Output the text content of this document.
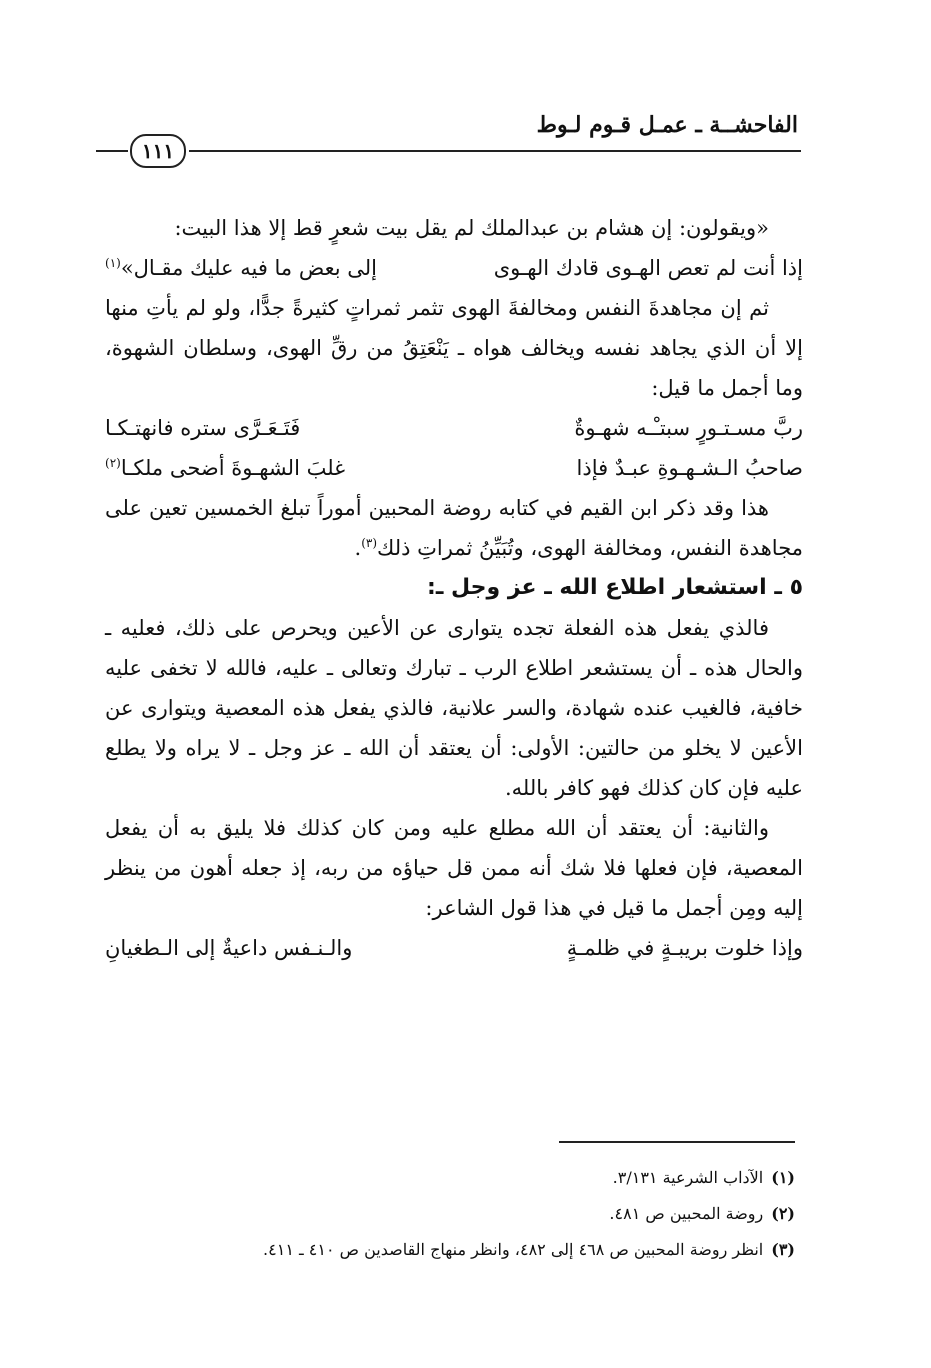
الفاحشــة ـ عمـل قـوم لـوط
١١١

«ويقولون: إن هشام بن عبدالملك لم يقل بيت شعرٍ قط إلا هذا البيت:

إذا أنت لم تعص الهـوى قادك الهـوى
إلى بعض ما فيه عليك مقـال»$^{(١)}$

ثم إن مجاهدةَ النفس ومخالفةَ الهوى تثمر ثمراتٍ كثيرةً جدًّا، ولو لم يأتِ منها إلا أن الذي يجاهد نفسه ويخالف هواه ـ يَنْعَتِقُ من رقِّ الهوى، وسلطان الشهوة، وما أجمل ما قيل:

ربَّ مسـتـورٍ سبتـْـه شهـوةٌ
فَتَـعَـرَّى ستره فانهتـكـا
صاحبُ الـشـهـوةِ عبـدٌ فإذا
غلبَ الشهـوةَ أضحى ملكـا$^{(٢)}$

هذا وقد ذكر ابن القيم في كتابه روضة المحبين أموراً تبلغ الخمسين تعين على مجاهدة النفس، ومخالفة الهوى، وتُبَيِّنُ ثمراتِ ذلك$^{(٣)}$.

٥ ـ استشعار اطلاع الله ـ عز وجل ـ:

فالذي يفعل هذه الفعلة تجده يتوارى عن الأعين ويحرص على ذلك، فعليه ـ والحال هذه ـ أن يستشعر اطلاع الرب ـ تبارك وتعالى ـ عليه، فالله لا تخفى عليه خافية، فالغيب عنده شهادة، والسر علانية، فالذي يفعل هذه المعصية ويتوارى عن الأعين لا يخلو من حالتين: الأولى: أن يعتقد أن الله ـ عز وجل ـ لا يراه ولا يطلع عليه فإن كان كذلك فهو كافر بالله.

والثانية: أن يعتقد أن الله مطلع عليه ومن كان كذلك فلا يليق به أن يفعل المعصية، فإن فعلها فلا شك أنه ممن قل حياؤه من ربه، إذ جعله أهون من ينظر إليه ومِن أجمل ما قيل في هذا قول الشاعر:

وإذا خلوت بريبـةٍ في ظلمـةٍ
والـنـفس داعيةٌ إلى الـطغيانِ

(١)الآداب الشرعية ٣/١٣١.

(٢)روضة المحبين ص ٤٨١.

(٣)انظر روضة المحبين ص ٤٦٨ إلى ٤٨٢، وانظر منهاج القاصدين ص ٤١٠ ـ ٤١١.
